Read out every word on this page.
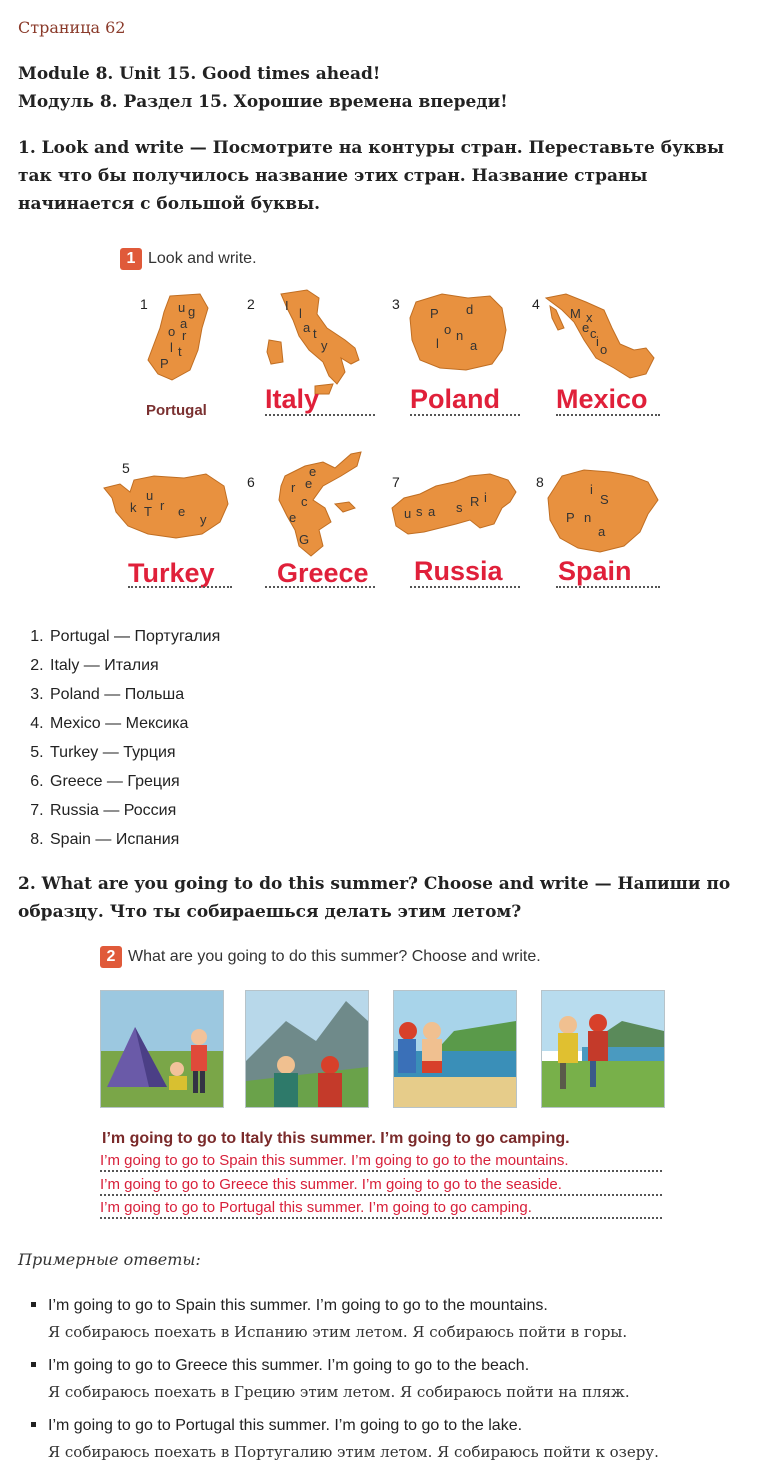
Страница 62
Module 8. Unit 15. Good times ahead!
Модуль 8. Раздел 15. Хорошие времена впереди!
1. Look and write — Посмотрите на контуры стран. Переставьте буквы так что бы получилось название этих стран. Название страны начинается с большой буквы.
1 Look and write.
1 u g
a
r
o
l t
P
Portugal
2 I
l
a t
y
Italy
3
P d
o n
l a
Poland
4
M x
e c
i
o
Mexico
5
u
k T r e
y
Turkey
6
e
r e
c
e
G
Greece
7
u s
R
s
a
i
Russia
8	i
S
P n
a
Spain
1. Portugal — Португалия
2. Italy — Италия
3. Poland — Польша
4. Mexico — Мексика
5. Turkey — Турция
6. Greece — Греция
7. Russia — Россия
8. Spain — Испания
2. What are you going to do this summer? Choose and write — Напиши по образцу. Что ты собираешься делать этим летом?
2 What are you going to do this summer? Choose and write.
I’m going to go to Italy this summer. I’m going to go camping.
I’m going to go to Spain this summer. I’m going to go to the mountains.
I’m going to go to Greece this summer. I’m going to go to the seaside.
I’m going to go to Portugal this summer. I’m going to go camping.
Примерные ответы:
▪ I’m going to go to Spain this summer. I’m going to go to the mountains.
Я собираюсь поехать в Испанию этим летом. Я собираюсь пойти в горы.
▪ I’m going to go to Greece this summer. I’m going to go to the beach.
Я собираюсь поехать в Грецию этим летом. Я собираюсь пойти на пляж.
▪ I’m going to go to Portugal this summer. I’m going to go to the lake.
Я собираюсь поехать в Португалию этим летом. Я собираюсь пойти к озеру.
